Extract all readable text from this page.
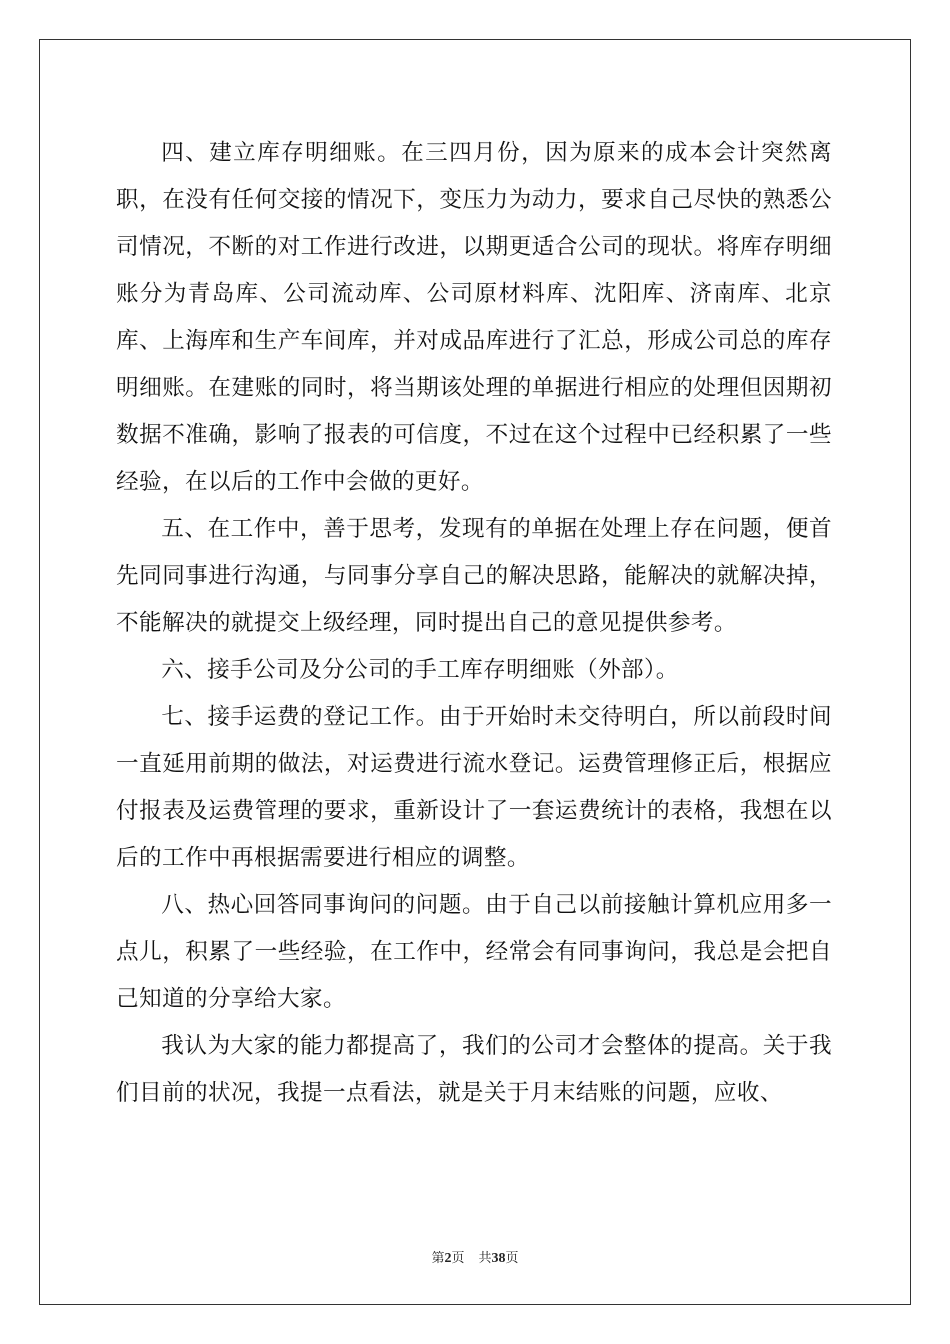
四、建立库存明细账。在三四月份，因为原来的成本会计突然离职，在没有任何交接的情况下，变压力为动力，要求自己尽快的熟悉公司情况，不断的对工作进行改进，以期更适合公司的现状。将库存明细账分为青岛库、公司流动库、公司原材料库、沈阳库、济南库、北京库、上海库和生产车间库，并对成品库进行了汇总，形成公司总的库存明细账。在建账的同时，将当期该处理的单据进行相应的处理但因期初数据不准确，影响了报表的可信度，不过在这个过程中已经积累了一些经验，在以后的工作中会做的更好。

五、在工作中，善于思考，发现有的单据在处理上存在问题，便首先同同事进行沟通，与同事分享自己的解决思路，能解决的就解决掉，不能解决的就提交上级经理，同时提出自己的意见提供参考。

六、接手公司及分公司的手工库存明细账（外部）。

七、接手运费的登记工作。由于开始时未交待明白，所以前段时间一直延用前期的做法，对运费进行流水登记。运费管理修正后，根据应付报表及运费管理的要求，重新设计了一套运费统计的表格，我想在以后的工作中再根据需要进行相应的调整。

八、热心回答同事询问的问题。由于自己以前接触计算机应用多一点儿，积累了一些经验，在工作中，经常会有同事询问，我总是会把自己知道的分享给大家。

我认为大家的能力都提高了，我们的公司才会整体的提高。关于我们目前的状况，我提一点看法，就是关于月末结账的问题，应收、

第2页 共38页
